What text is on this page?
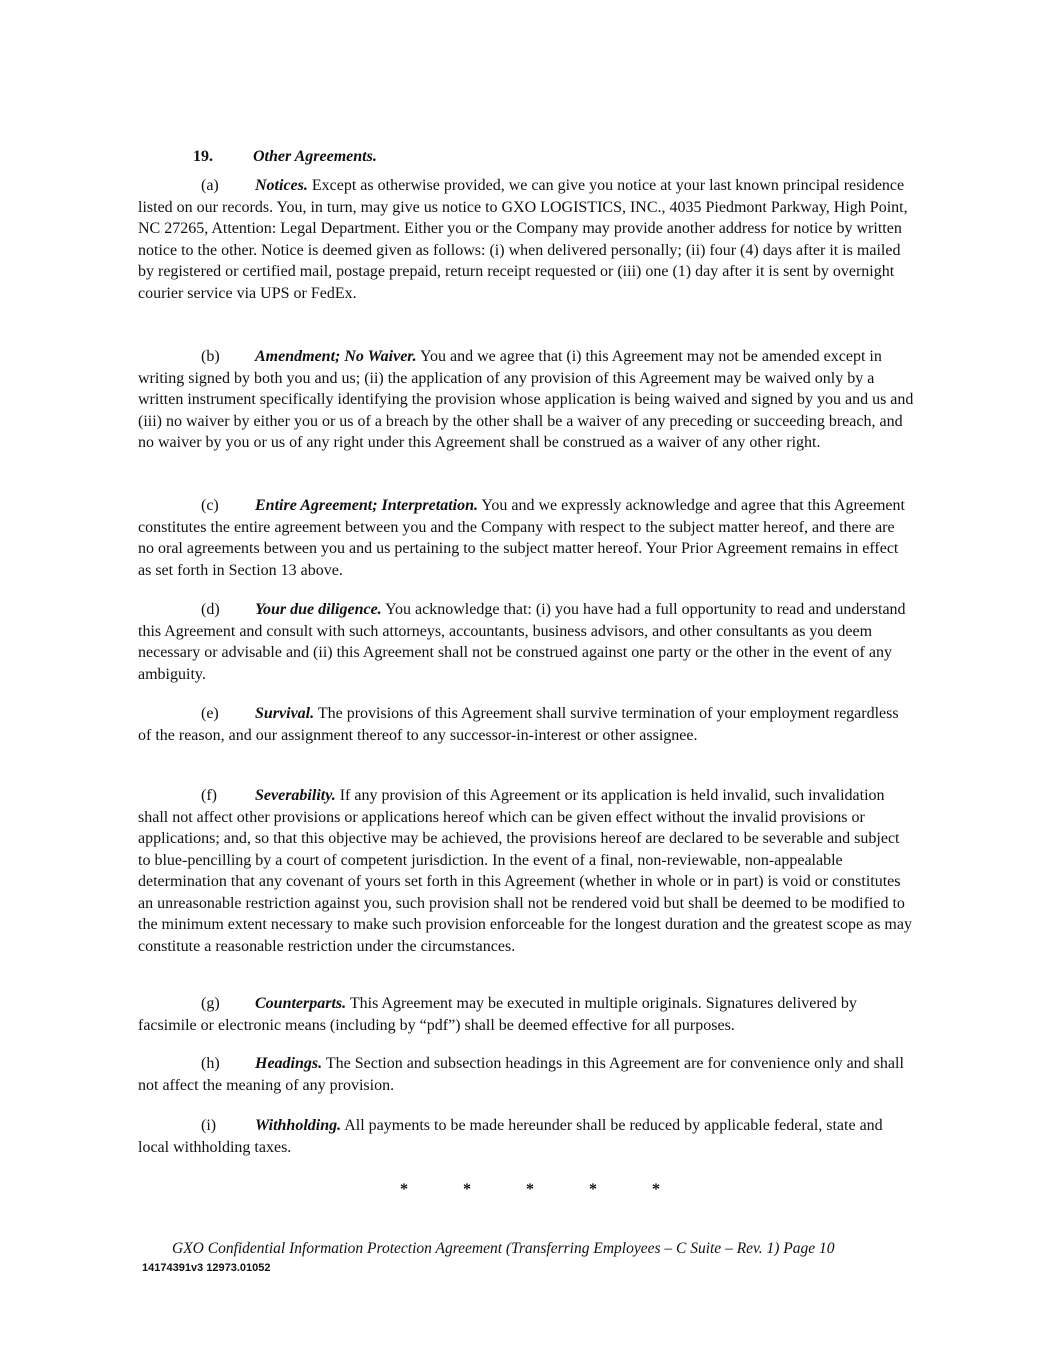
19.	Other Agreements.

(a) Notices. Except as otherwise provided, we can give you notice at your last known principal residence listed on our records. You, in turn, may give us notice to GXO LOGISTICS, INC., 4035 Piedmont Parkway, High Point, NC 27265, Attention: Legal Department. Either you or the Company may provide another address for notice by written notice to the other. Notice is deemed given as follows: (i) when delivered personally; (ii) four (4) days after it is mailed by registered or certified mail, postage prepaid, return receipt requested or (iii) one (1) day after it is sent by overnight courier service via UPS or FedEx.

(b) Amendment; No Waiver. You and we agree that (i) this Agreement may not be amended except in writing signed by both you and us; (ii) the application of any provision of this Agreement may be waived only by a written instrument specifically identifying the provision whose application is being waived and signed by you and us and (iii) no waiver by either you or us of a breach by the other shall be a waiver of any preceding or succeeding breach, and no waiver by you or us of any right under this Agreement shall be construed as a waiver of any other right.

(c) Entire Agreement; Interpretation. You and we expressly acknowledge and agree that this Agreement constitutes the entire agreement between you and the Company with respect to the subject matter hereof, and there are no oral agreements between you and us pertaining to the subject matter hereof. Your Prior Agreement remains in effect as set forth in Section 13 above.

(d) Your due diligence. You acknowledge that: (i) you have had a full opportunity to read and understand this Agreement and consult with such attorneys, accountants, business advisors, and other consultants as you deem necessary or advisable and (ii) this Agreement shall not be construed against one party or the other in the event of any ambiguity.

(e) Survival. The provisions of this Agreement shall survive termination of your employment regardless of the reason, and our assignment thereof to any successor-in-interest or other assignee.

(f) Severability. If any provision of this Agreement or its application is held invalid, such invalidation shall not affect other provisions or applications hereof which can be given effect without the invalid provisions or applications; and, so that this objective may be achieved, the provisions hereof are declared to be severable and subject to blue-pencilling by a court of competent jurisdiction. In the event of a final, non-reviewable, non-appealable determination that any covenant of yours set forth in this Agreement (whether in whole or in part) is void or constitutes an unreasonable restriction against you, such provision shall not be rendered void but shall be deemed to be modified to the minimum extent necessary to make such provision enforceable for the longest duration and the greatest scope as may constitute a reasonable restriction under the circumstances.

(g) Counterparts. This Agreement may be executed in multiple originals. Signatures delivered by facsimile or electronic means (including by “pdf”) shall be deemed effective for all purposes.

(h) Headings. The Section and subsection headings in this Agreement are for convenience only and shall not affect the meaning of any provision.

(i) Withholding. All payments to be made hereunder shall be reduced by applicable federal, state and local withholding taxes.

*	*	*	*	*
GXO Confidential Information Protection Agreement (Transferring Employees – C Suite – Rev. 1) Page 10
14174391v3 12973.01052
